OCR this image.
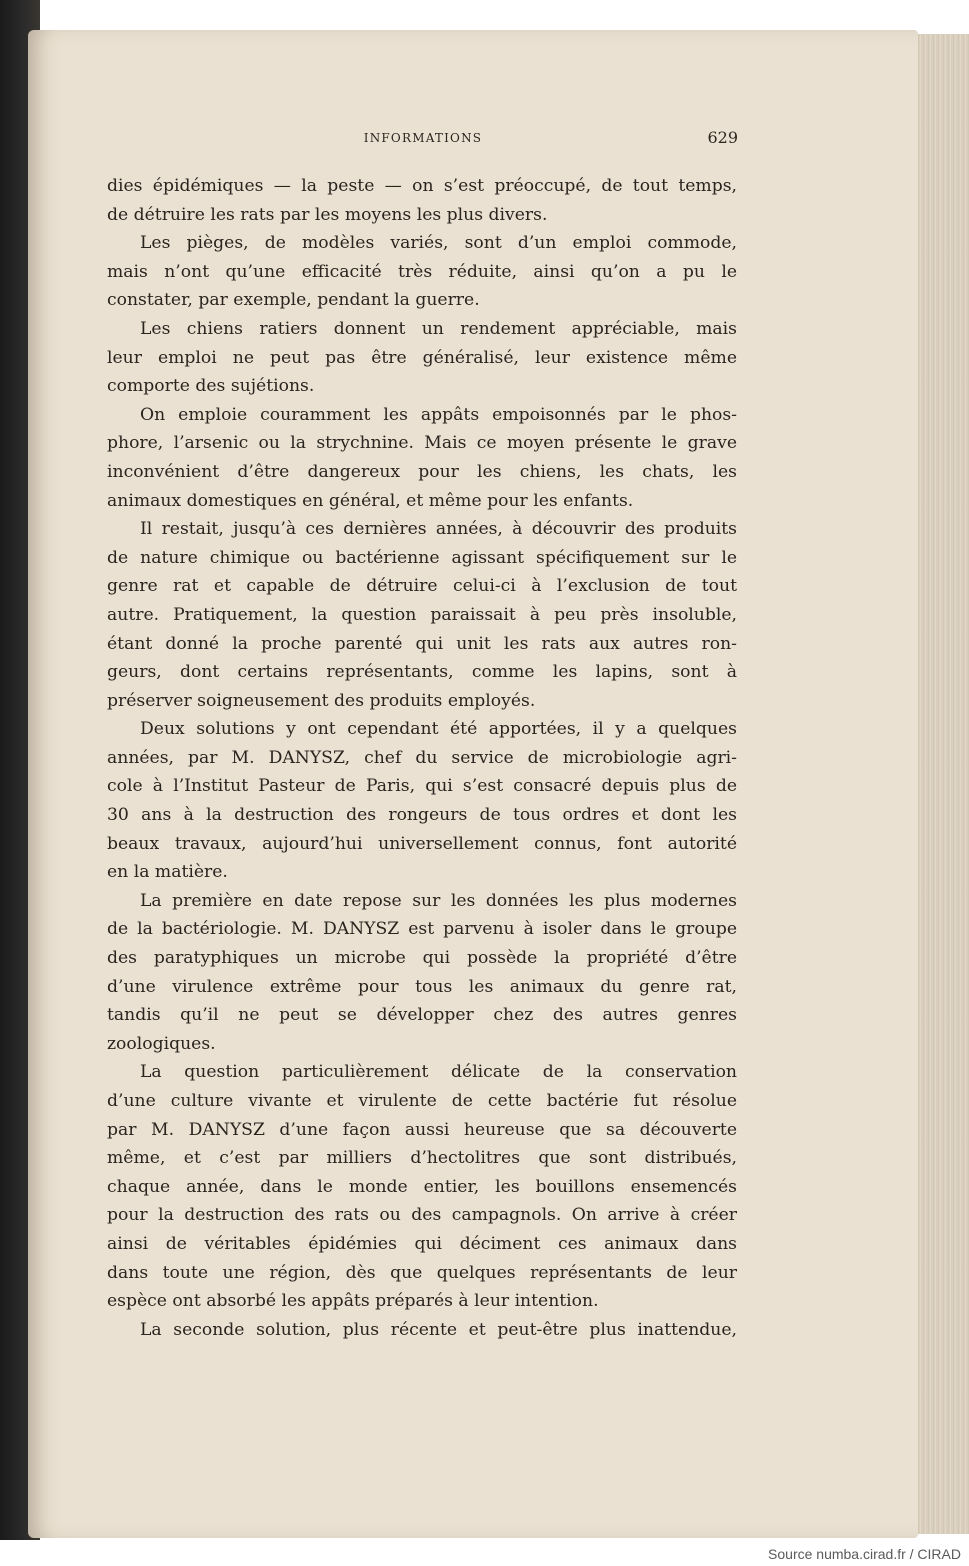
INFORMATIONS	629
dies épidémiques — la peste — on s’est préoccupé, de tout temps,
de détruire les rats par les moyens les plus divers.
Les pièges, de modèles variés, sont d’un emploi commode,
mais n’ont qu’une efficacité très réduite, ainsi qu’on a pu le
constater, par exemple, pendant la guerre.
Les chiens ratiers donnent un rendement appréciable, mais
leur emploi ne peut pas être généralisé, leur existence même
comporte des sujétions.
On emploie couramment les appâts empoisonnés par le phos-
phore, l’arsenic ou la strychnine. Mais ce moyen présente le grave
inconvénient d’être dangereux pour les chiens, les chats, les
animaux domestiques en général, et même pour les enfants.
Il restait, jusqu’à ces dernières années, à découvrir des produits
de nature chimique ou bactérienne agissant spécifiquement sur le
genre rat et capable de détruire celui-ci à l’exclusion de tout
autre. Pratiquement, la question paraissait à peu près insoluble,
étant donné la proche parenté qui unit les rats aux autres ron-
geurs, dont certains représentants, comme les lapins, sont à
préserver soigneusement des produits employés.
Deux solutions y ont cependant été apportées, il y a quelques
années, par M. DANYSZ, chef du service de microbiologie agri-
cole à l’Institut Pasteur de Paris, qui s’est consacré depuis plus de
30 ans à la destruction des rongeurs de tous ordres et dont les
beaux travaux, aujourd’hui universellement connus, font autorité
en la matière.
La première en date repose sur les données les plus modernes
de la bactériologie. M. DANYSZ est parvenu à isoler dans le groupe
des paratyphiques un microbe qui possède la propriété d’être
d’une virulence extrême pour tous les animaux du genre rat,
tandis qu’il ne peut se développer chez des autres genres
zoologiques.
La question particulièrement délicate de la conservation
d’une culture vivante et virulente de cette bactérie fut résolue
par M. DANYSZ d’une façon aussi heureuse que sa découverte
même, et c’est par milliers d’hectolitres que sont distribués,
chaque année, dans le monde entier, les bouillons ensemencés
pour la destruction des rats ou des campagnols. On arrive à créer
ainsi de véritables épidémies qui déciment ces animaux dans
dans toute une région, dès que quelques représentants de leur
espèce ont absorbé les appâts préparés à leur intention.
La seconde solution, plus récente et peut-être plus inattendue,
Source numba.cirad.fr / CIRAD
